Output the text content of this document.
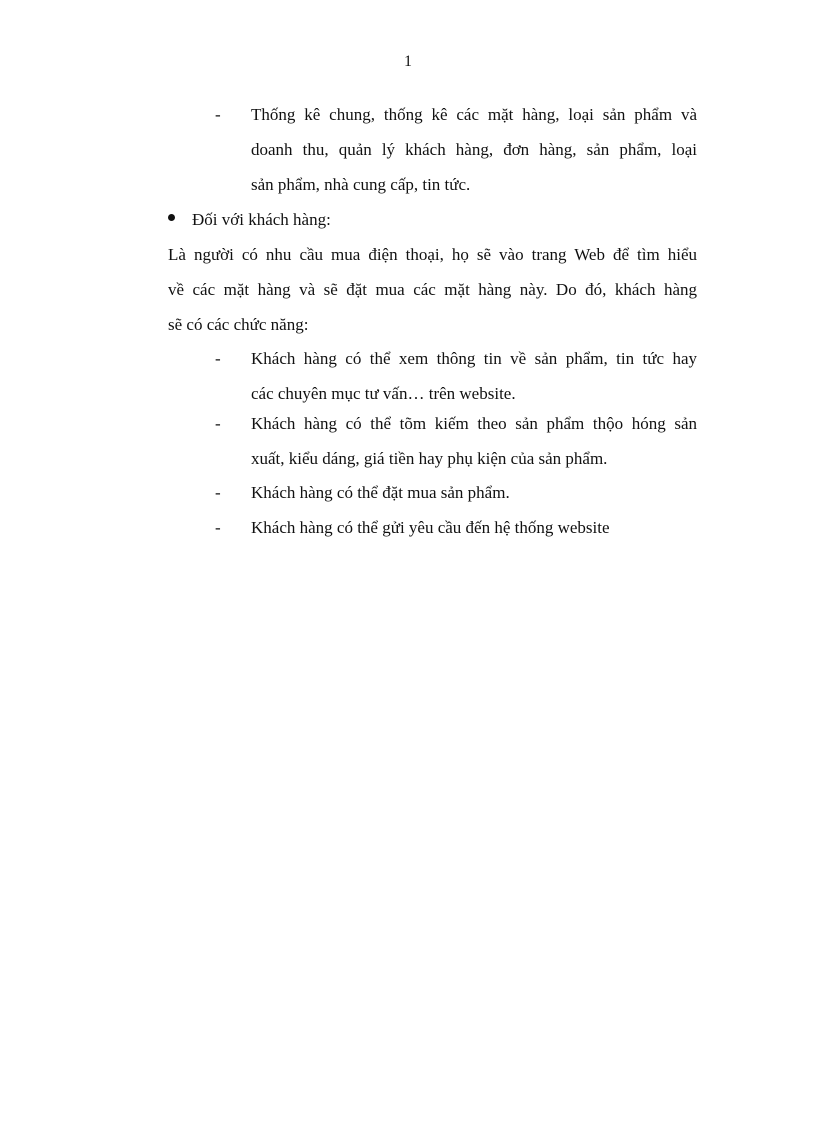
1
-	Thống kê chung, thống kê các mặt hàng, loại sản phẩm và
doanh thu, quản lý khách hàng, đơn hàng, sản phẩm, loại
sản phẩm, nhà cung cấp, tin tức.
Đối với khách hàng:
Là người có nhu cầu mua điện thoại, họ sẽ vào trang Web để tìm hiểu
về các mặt hàng và sẽ đặt mua các mặt hàng này. Do đó, khách hàng
sẽ có các chức năng:
-	Khách hàng có thể xem thông tin về sản phẩm, tin tức hay
các chuyên mục tư vấn… trên website.
-	Khách hàng có thể tõm kiếm theo sản phẩm thộo hóng sản
xuất, kiểu dáng, giá tiền hay phụ kiện của sản phẩm.
-	Khách hàng có thể đặt mua sản phẩm.
-	Khách hàng có thể gửi yêu cầu đến hệ thống website
